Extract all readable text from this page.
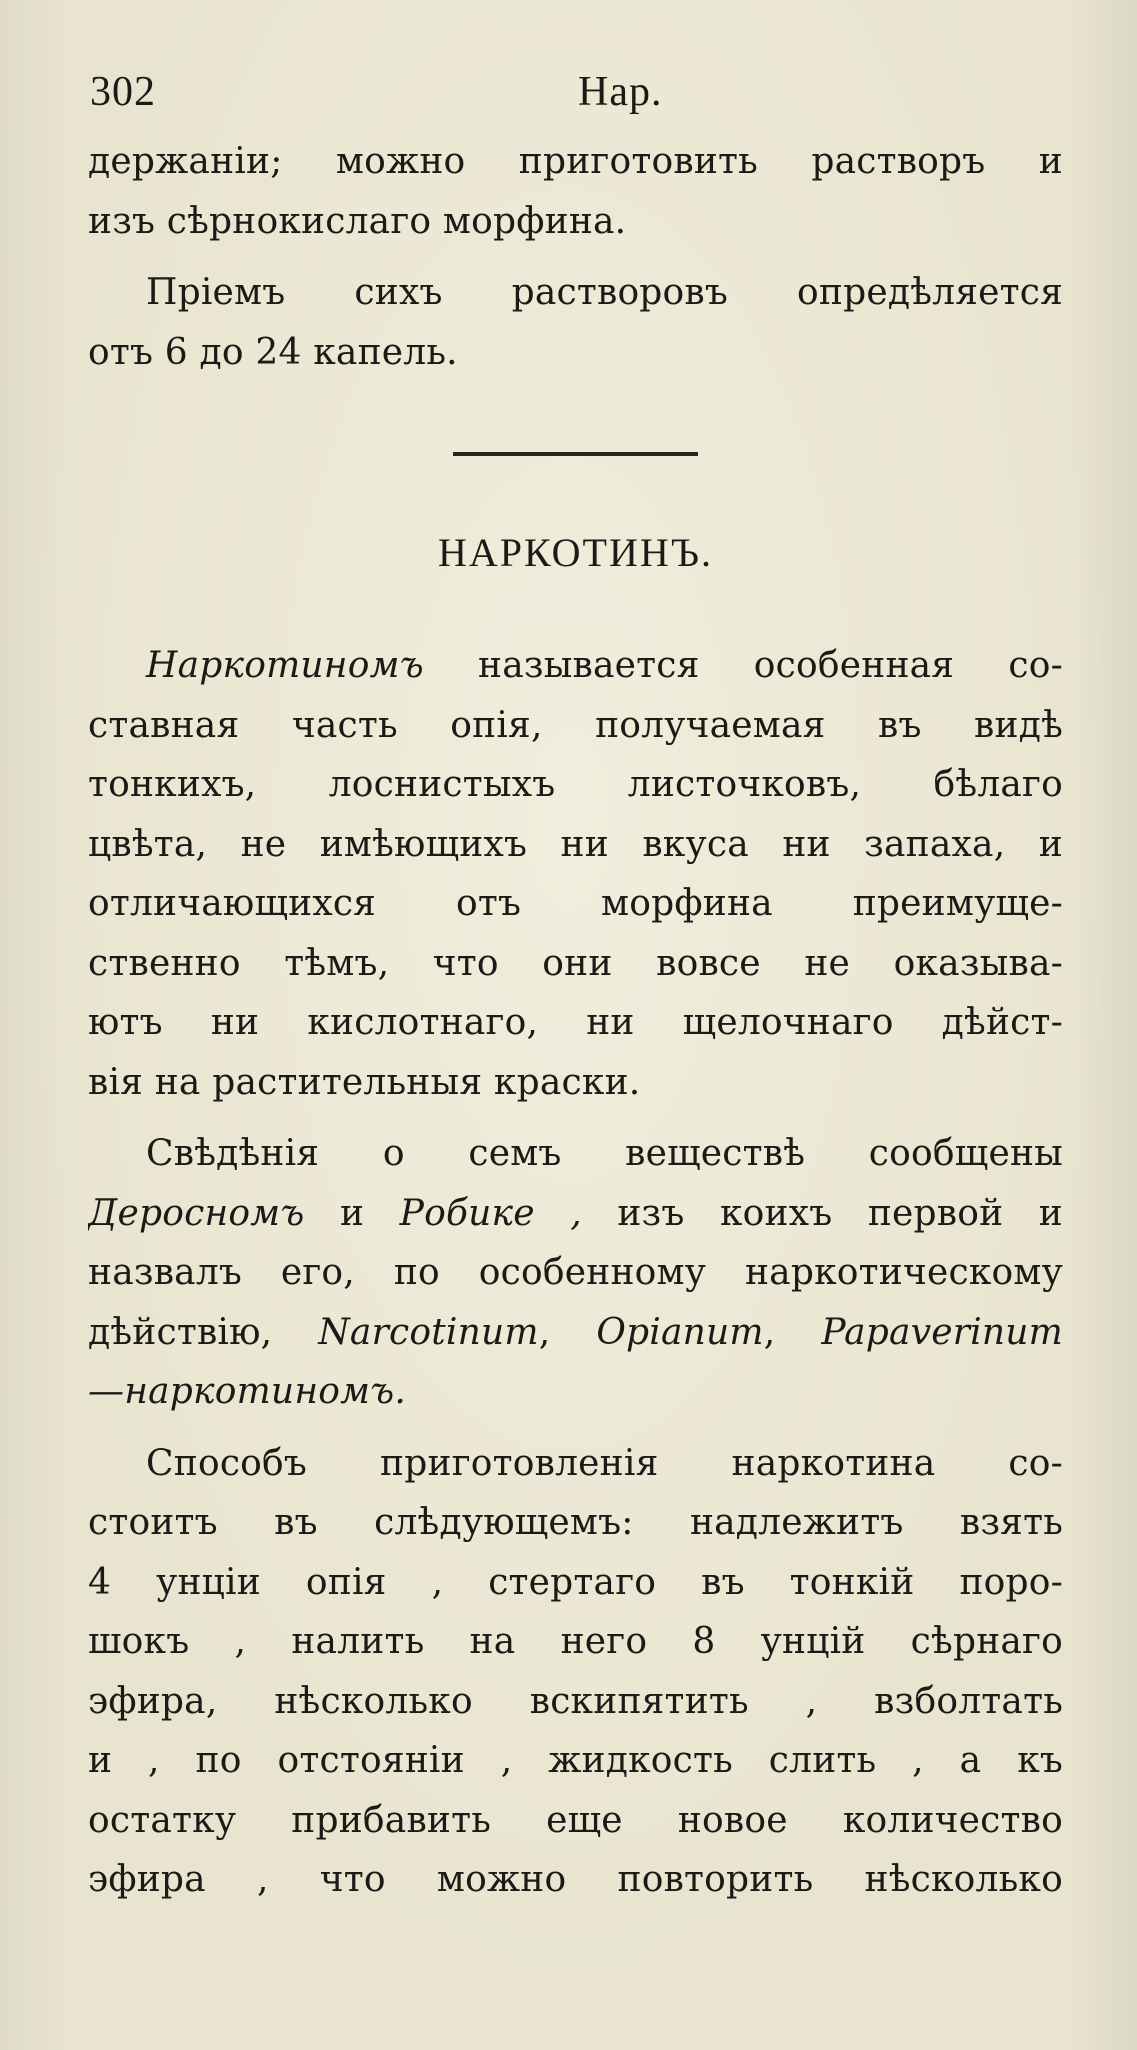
302	Нар.
держаніи; можно приготовить растворъ и
изъ сѣрнокислаго морфина.
Пріемъ сихъ растворовъ опредѣляется
отъ 6 до 24 капель.
НАРКОТИНЪ.
Наркотиномъ называется особенная со-
ставная часть опія, получаемая въ видѣ
тонкихъ, лоснистыхъ листочковъ, бѣлаго
цвѣта, не имѣющихъ ни вкуса ни запаха, и
отличающихся отъ морфина преимуще-
ственно тѣмъ, что они вовсе не оказыва-
ютъ ни кислотнаго, ни щелочнаго дѣйст-
вія на растительныя краски.
Свѣдѣнія о семъ веществѣ сообщены
Деросномъ и Робике , изъ коихъ первой и
назвалъ его, по особенному наркотическому
дѣйствію, Narcotinum, Opianum, Papaverinum
—наркотиномъ.
Способъ приготовленія наркотина со-
стоитъ въ слѣдующемъ: надлежитъ взять
4 унціи опія , стертаго въ тонкій поро-
шокъ , налить на него 8 унцій сѣрнаго
эфира, нѣсколько вскипятить , взболтать
и , по отстояніи , жидкость слить , а къ
остатку прибавить еще новое количество
эфира , что можно повторить нѣсколько
